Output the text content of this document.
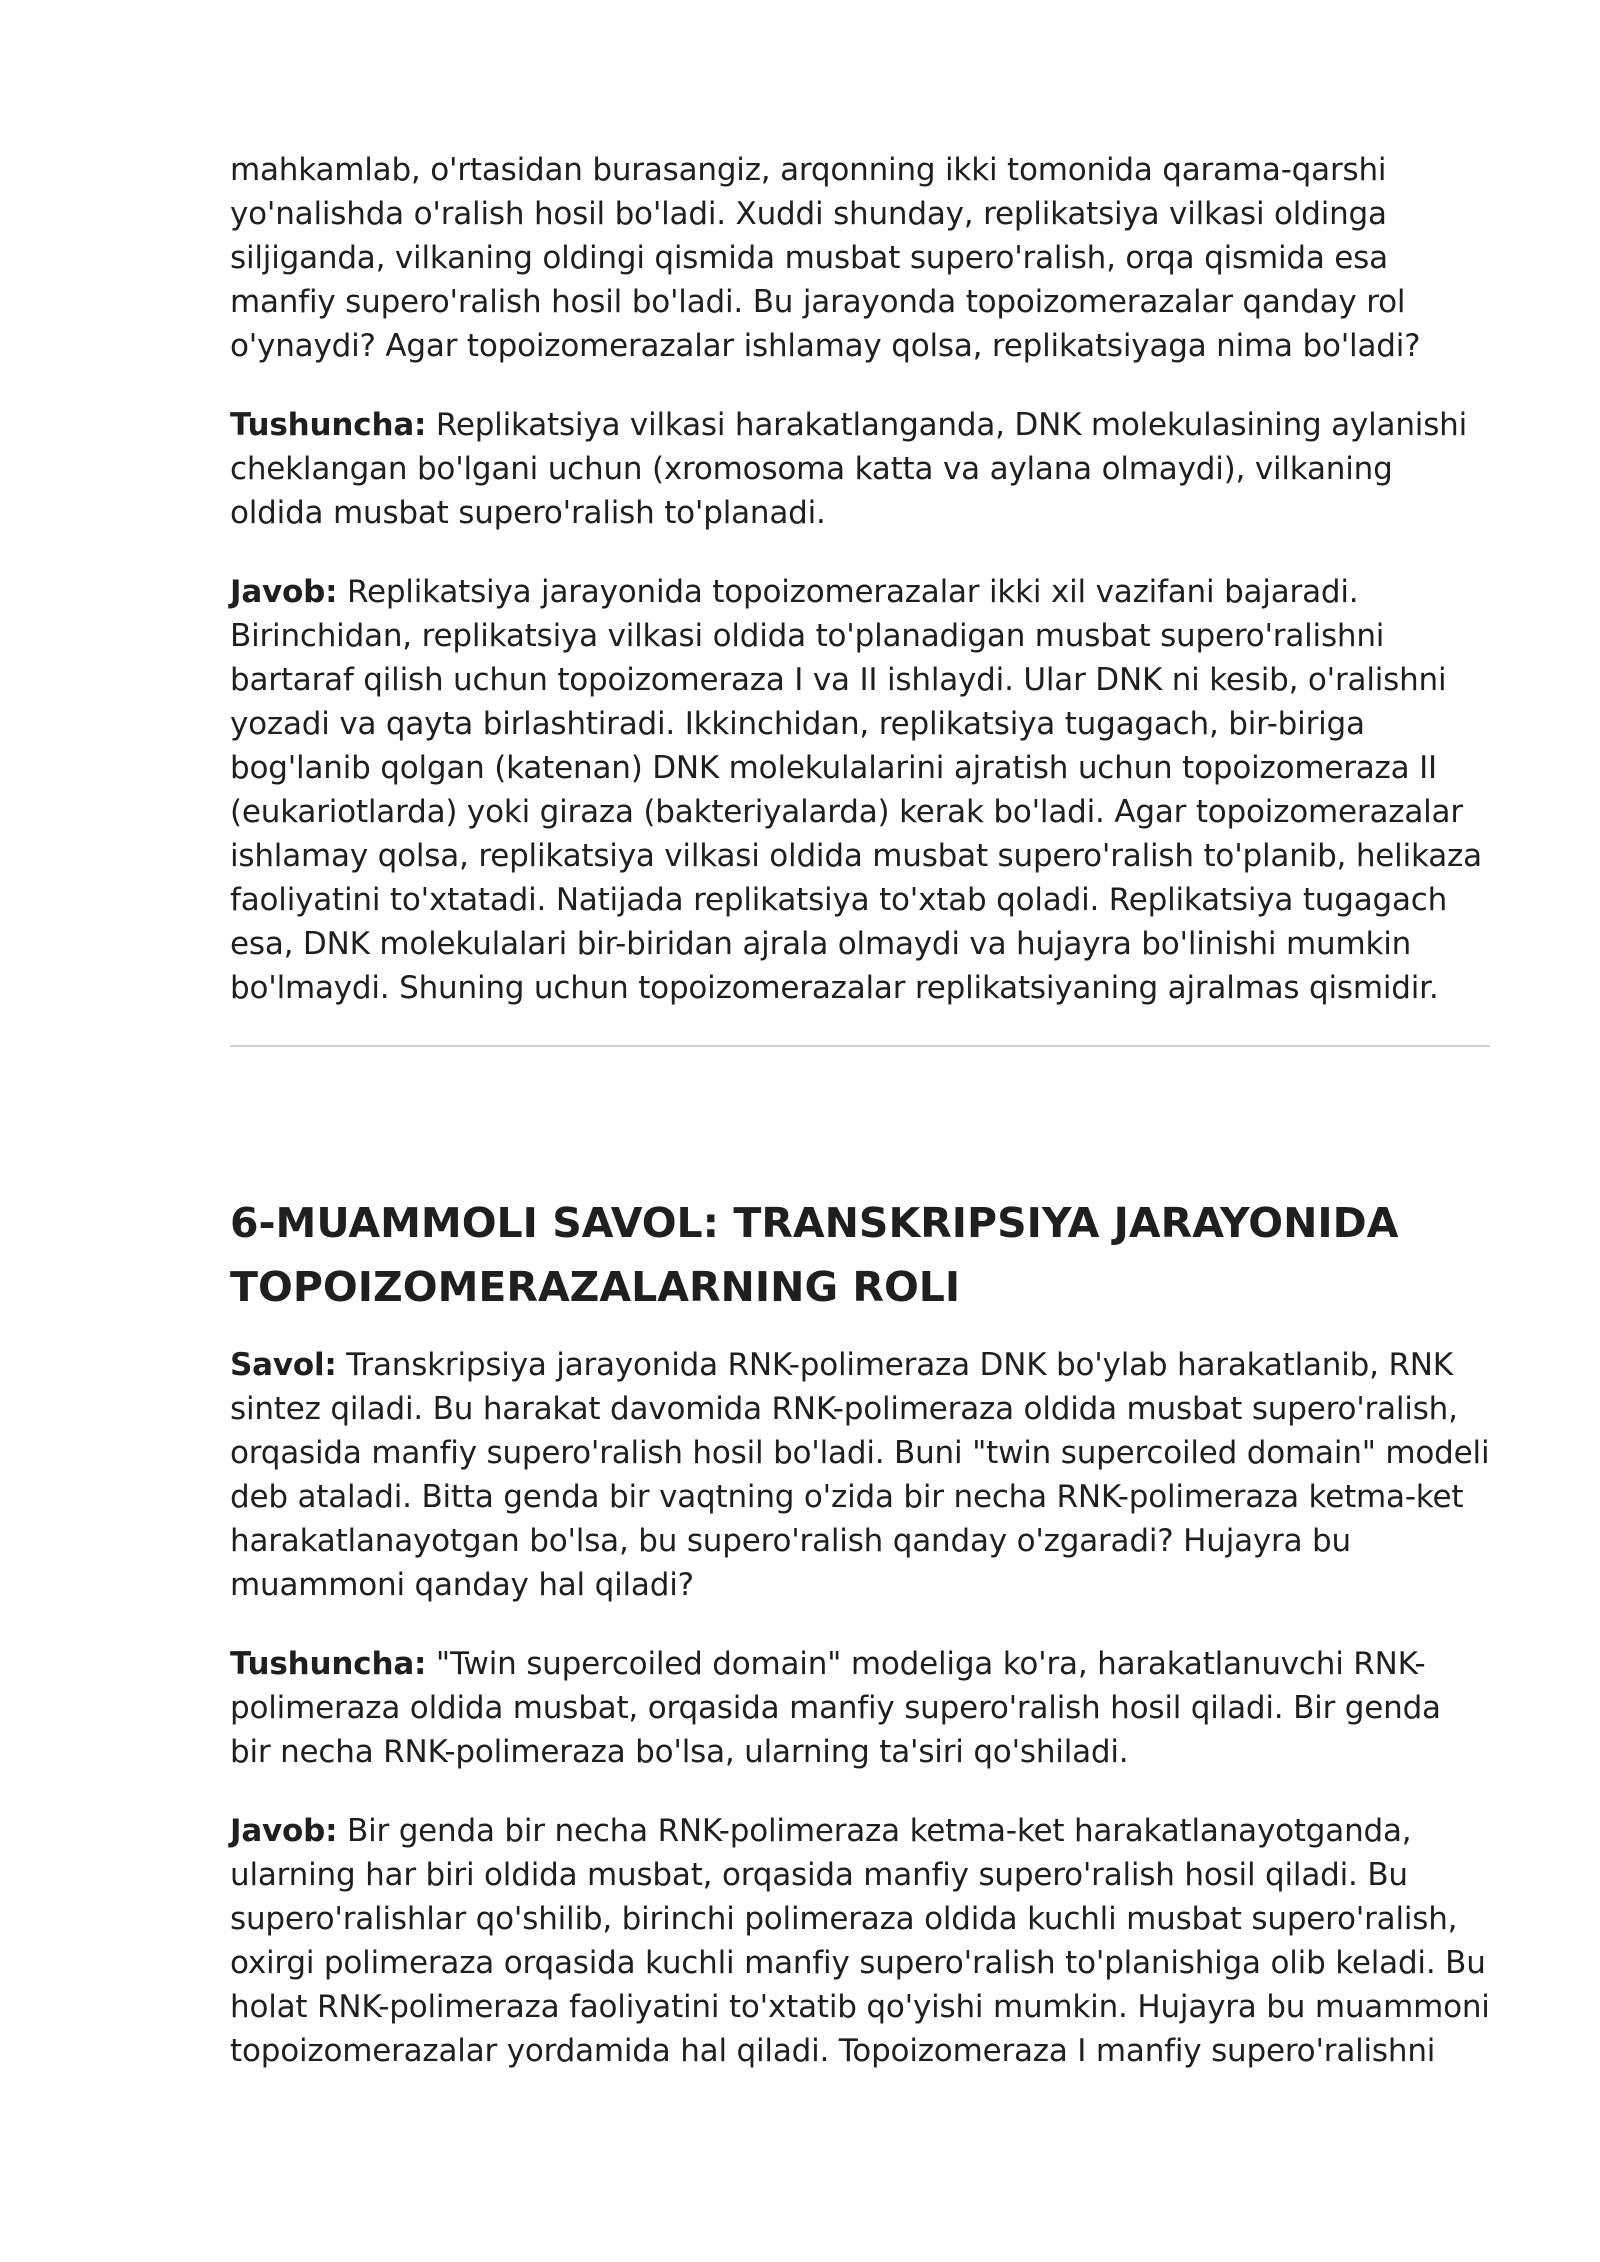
mahkamlab, o'rtasidan burasangiz, arqonning ikki tomonida qarama-qarshi yo'nalishda o'ralish hosil bo'ladi. Xuddi shunday, replikatsiya vilkasi oldinga siljiganda, vilkaning oldingi qismida musbat supero'ralish, orqa qismida esa manfiy supero'ralish hosil bo'ladi. Bu jarayonda topoizomerazalar qanday rol o'ynaydi? Agar topoizomerazalar ishlamay qolsa, replikatsiyaga nima bo'ladi?

Tushuncha: Replikatsiya vilkasi harakatlanganda, DNK molekulasining aylanishi cheklangan bo'lgani uchun (xromosoma katta va aylana olmaydi), vilkaning oldida musbat supero'ralish to'planadi.

Javob: Replikatsiya jarayonida topoizomerazalar ikki xil vazifani bajaradi. Birinchidan, replikatsiya vilkasi oldida to'planadigan musbat supero'ralishni bartaraf qilish uchun topoizomeraza I va II ishlaydi. Ular DNK ni kesib, o'ralishni yozadi va qayta birlashtiradi. Ikkinchidan, replikatsiya tugagach, bir-biriga bog'lanib qolgan (katenan) DNK molekulalarini ajratish uchun topoizomeraza II (eukariotlarda) yoki giraza (bakteriyalarda) kerak bo'ladi. Agar topoizomerazalar ishlamay qolsa, replikatsiya vilkasi oldida musbat supero'ralish to'planib, helikaza faoliyatini to'xtatadi. Natijada replikatsiya to'xtab qoladi. Replikatsiya tugagach esa, DNK molekulalari bir-biridan ajrala olmaydi va hujayra bo'linishi mumkin bo'lmaydi. Shuning uchun topoizomerazalar replikatsiyaning ajralmas qismidir.

6-MUAMMOLI SAVOL: TRANSKRIPSIYA JARAYONIDA TOPOIZOMERAZALARNING ROLI

Savol: Transkripsiya jarayonida RNK-polimeraza DNK bo'ylab harakatlanib, RNK sintez qiladi. Bu harakat davomida RNK-polimeraza oldida musbat supero'ralish, orqasida manfiy supero'ralish hosil bo'ladi. Buni "twin supercoiled domain" modeli deb ataladi. Bitta genda bir vaqtning o'zida bir necha RNK-polimeraza ketma-ket harakatlanayotgan bo'lsa, bu supero'ralish qanday o'zgaradi? Hujayra bu muammoni qanday hal qiladi?

Tushuncha: "Twin supercoiled domain" modeliga ko'ra, harakatlanuvchi RNK-polimeraza oldida musbat, orqasida manfiy supero'ralish hosil qiladi. Bir genda bir necha RNK-polimeraza bo'lsa, ularning ta'siri qo'shiladi.

Javob: Bir genda bir necha RNK-polimeraza ketma-ket harakatlanayotganda, ularning har biri oldida musbat, orqasida manfiy supero'ralish hosil qiladi. Bu supero'ralishlar qo'shilib, birinchi polimeraza oldida kuchli musbat supero'ralish, oxirgi polimeraza orqasida kuchli manfiy supero'ralish to'planishiga olib keladi. Bu holat RNK-polimeraza faoliyatini to'xtatib qo'yishi mumkin. Hujayra bu muammoni topoizomerazalar yordamida hal qiladi. Topoizomeraza I manfiy supero'ralishni
